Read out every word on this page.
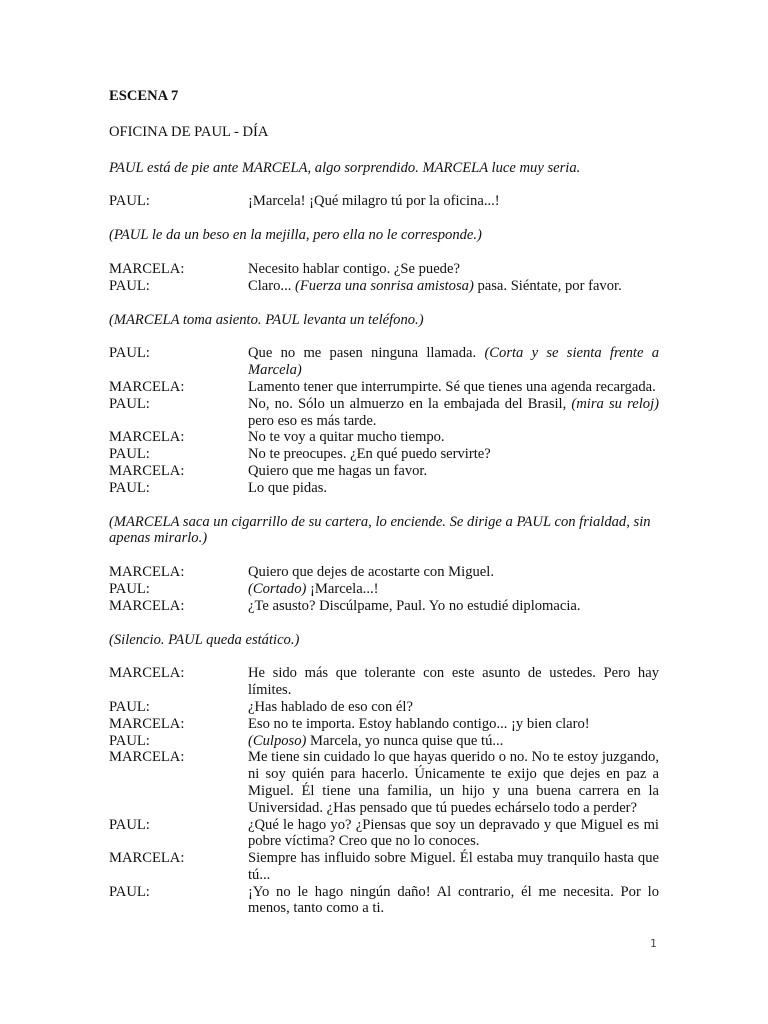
ESCENA 7
OFICINA DE PAUL - DÍA
PAUL está de pie ante MARCELA, algo sorprendido. MARCELA luce muy seria.
PAUL:	¡Marcela! ¡Qué milagro tú por la oficina...!
(PAUL le da un beso en la mejilla, pero ella no le corresponde.)
MARCELA:	Necesito hablar contigo. ¿Se puede?
PAUL:	Claro... (Fuerza una sonrisa amistosa) pasa. Siéntate, por favor.
(MARCELA toma asiento. PAUL levanta un teléfono.)
PAUL:	Que no me pasen ninguna llamada. (Corta y se sienta frente a Marcela)
MARCELA:	Lamento tener que interrumpirte. Sé que tienes una agenda recargada.
PAUL:	No, no. Sólo un almuerzo en la embajada del Brasil, (mira su reloj) pero eso es más tarde.
MARCELA:	No te voy a quitar mucho tiempo.
PAUL:	No te preocupes. ¿En qué puedo servirte?
MARCELA:	Quiero que me hagas un favor.
PAUL:	Lo que pidas.
(MARCELA saca un cigarrillo de su cartera, lo enciende. Se dirige a PAUL con frialdad, sin apenas mirarlo.)
MARCELA:	Quiero que dejes de acostarte con Miguel.
PAUL:	(Cortado) ¡Marcela...!
MARCELA:	¿Te asusto? Discúlpame, Paul. Yo no estudié diplomacia.
(Silencio. PAUL queda estático.)
MARCELA:	He sido más que tolerante con este asunto de ustedes. Pero hay límites.
PAUL:	¿Has hablado de eso con él?
MARCELA:	Eso no te importa. Estoy hablando contigo... ¡y bien claro!
PAUL:	(Culposo) Marcela, yo nunca quise que tú...
MARCELA:	Me tiene sin cuidado lo que hayas querido o no. No te estoy juzgando, ni soy quién para hacerlo. Únicamente te exijo que dejes en paz a Miguel. Él tiene una familia, un hijo y una buena carrera en la Universidad. ¿Has pensado que tú puedes echárselo todo a perder?
PAUL:	¿Qué le hago yo? ¿Piensas que soy un depravado y que Miguel es mi pobre víctima? Creo que no lo conoces.
MARCELA:	Siempre has influido sobre Miguel. Él estaba muy tranquilo hasta que tú...
PAUL:	¡Yo no le hago ningún daño! Al contrario, él me necesita. Por lo menos, tanto como a ti.
1
